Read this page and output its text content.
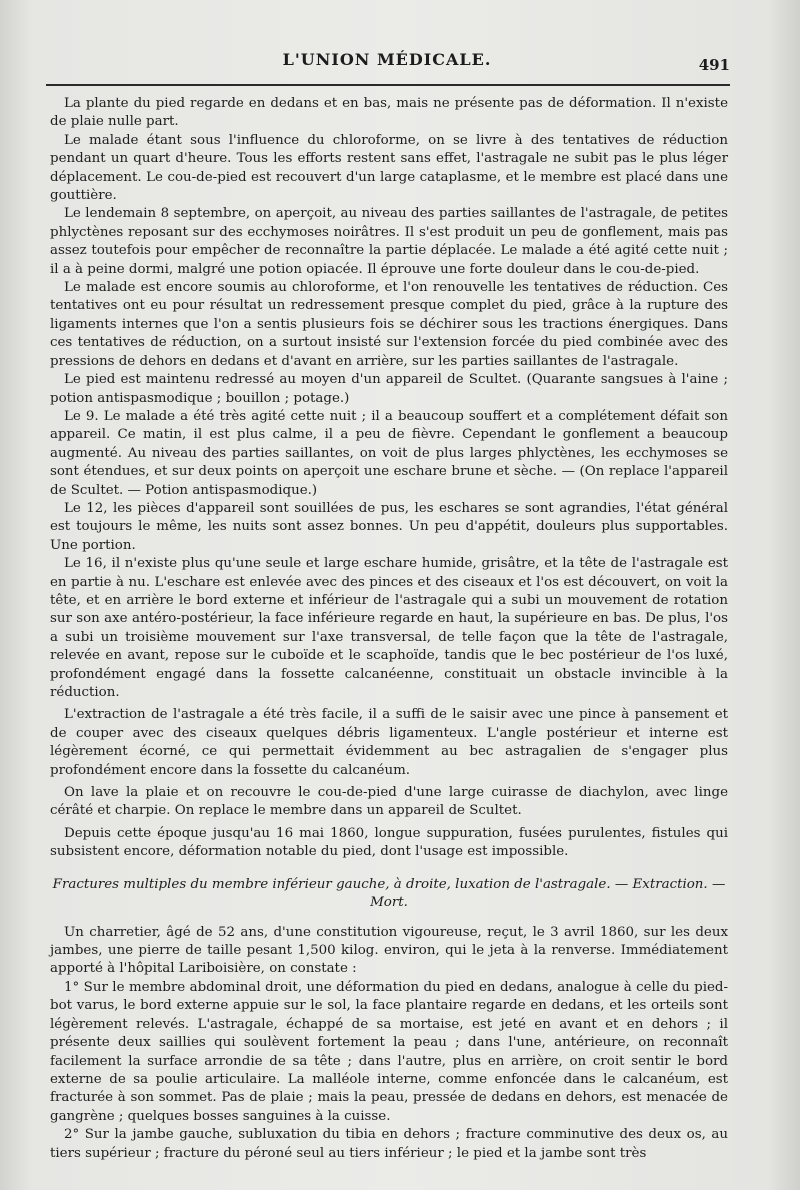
L'UNION MÉDICALE.	491

La plante du pied regarde en dedans et en bas, mais ne présente pas de déformation. Il n'existe de plaie nulle part.

Le malade étant sous l'influence du chloroforme, on se livre à des tentatives de réduction pendant un quart d'heure. Tous les efforts restent sans effet, l'astragale ne subit pas le plus léger déplacement. Le cou-de-pied est recouvert d'un large cataplasme, et le membre est placé dans une gouttière.

Le lendemain 8 septembre, on aperçoit, au niveau des parties saillantes de l'astragale, de petites phlyctènes reposant sur des ecchymoses noirâtres. Il s'est produit un peu de gonflement, mais pas assez toutefois pour empêcher de reconnaître la partie déplacée. Le malade a été agité cette nuit ; il a à peine dormi, malgré une potion opiacée. Il éprouve une forte douleur dans le cou-de-pied.

Le malade est encore soumis au chloroforme, et l'on renouvelle les tentatives de réduction. Ces tentatives ont eu pour résultat un redressement presque complet du pied, grâce à la rupture des ligaments internes que l'on a sentis plusieurs fois se déchirer sous les tractions énergiques. Dans ces tentatives de réduction, on a surtout insisté sur l'extension forcée du pied combinée avec des pressions de dehors en dedans et d'avant en arrière, sur les parties saillantes de l'astragale.

Le pied est maintenu redressé au moyen d'un appareil de Scultet. (Quarante sangsues à l'aine ; potion antispasmodique ; bouillon ; potage.)

Le 9. Le malade a été très agité cette nuit ; il a beaucoup souffert et a complétement défait son appareil. Ce matin, il est plus calme, il a peu de fièvre. Cependant le gonflement a beaucoup augmenté. Au niveau des parties saillantes, on voit de plus larges phlyctènes, les ecchymoses se sont étendues, et sur deux points on aperçoit une eschare brune et sèche. — (On replace l'appareil de Scultet. — Potion antispasmodique.)

Le 12, les pièces d'appareil sont souillées de pus, les eschares se sont agrandies, l'état général est toujours le même, les nuits sont assez bonnes. Un peu d'appétit, douleurs plus supportables. Une portion.

Le 16, il n'existe plus qu'une seule et large eschare humide, grisâtre, et la tête de l'astragale est en partie à nu. L'eschare est enlevée avec des pinces et des ciseaux et l'os est découvert, on voit la tête, et en arrière le bord externe et inférieur de l'astragale qui a subi un mouvement de rotation sur son axe antéro-postérieur, la face inférieure regarde en haut, la supérieure en bas. De plus, l'os a subi un troisième mouvement sur l'axe transversal, de telle façon que la tête de l'astragale, relevée en avant, repose sur le cuboïde et le scaphoïde, tandis que le bec postérieur de l'os luxé, profondément engagé dans la fossette calcanéenne, constituait un obstacle invincible à la réduction.

L'extraction de l'astragale a été très facile, il a suffi de le saisir avec une pince à pansement et de couper avec des ciseaux quelques débris ligamenteux. L'angle postérieur et interne est légèrement écorné, ce qui permettait évidemment au bec astragalien de s'engager plus profondément encore dans la fossette du calcanéum.

On lave la plaie et on recouvre le cou-de-pied d'une large cuirasse de diachylon, avec linge cérâté et charpie. On replace le membre dans un appareil de Scultet.

Depuis cette époque jusqu'au 16 mai 1860, longue suppuration, fusées purulentes, fistules qui subsistent encore, déformation notable du pied, dont l'usage est impossible.

Fractures multiples du membre inférieur gauche, à droite, luxation de l'astragale. — Extraction. — Mort.

Un charretier, âgé de 52 ans, d'une constitution vigoureuse, reçut, le 3 avril 1860, sur les deux jambes, une pierre de taille pesant 1,500 kilog. environ, qui le jeta à la renverse. Immédiatement apporté à l'hôpital Lariboisière, on constate :

1° Sur le membre abdominal droit, une déformation du pied en dedans, analogue à celle du pied-bot varus, le bord externe appuie sur le sol, la face plantaire regarde en dedans, et les orteils sont légèrement relevés. L'astragale, échappé de sa mortaise, est jeté en avant et en dehors ; il présente deux saillies qui soulèvent fortement la peau ; dans l'une, antérieure, on reconnaît facilement la surface arrondie de sa tête ; dans l'autre, plus en arrière, on croit sentir le bord externe de sa poulie articulaire. La malléole interne, comme enfoncée dans le calcanéum, est fracturée à son sommet. Pas de plaie ; mais la peau, pressée de dedans en dehors, est menacée de gangrène ; quelques bosses sanguines à la cuisse.

2° Sur la jambe gauche, subluxation du tibia en dehors ; fracture comminutive des deux os, au tiers supérieur ; fracture du péroné seul au tiers inférieur ; le pied et la jambe sont très
